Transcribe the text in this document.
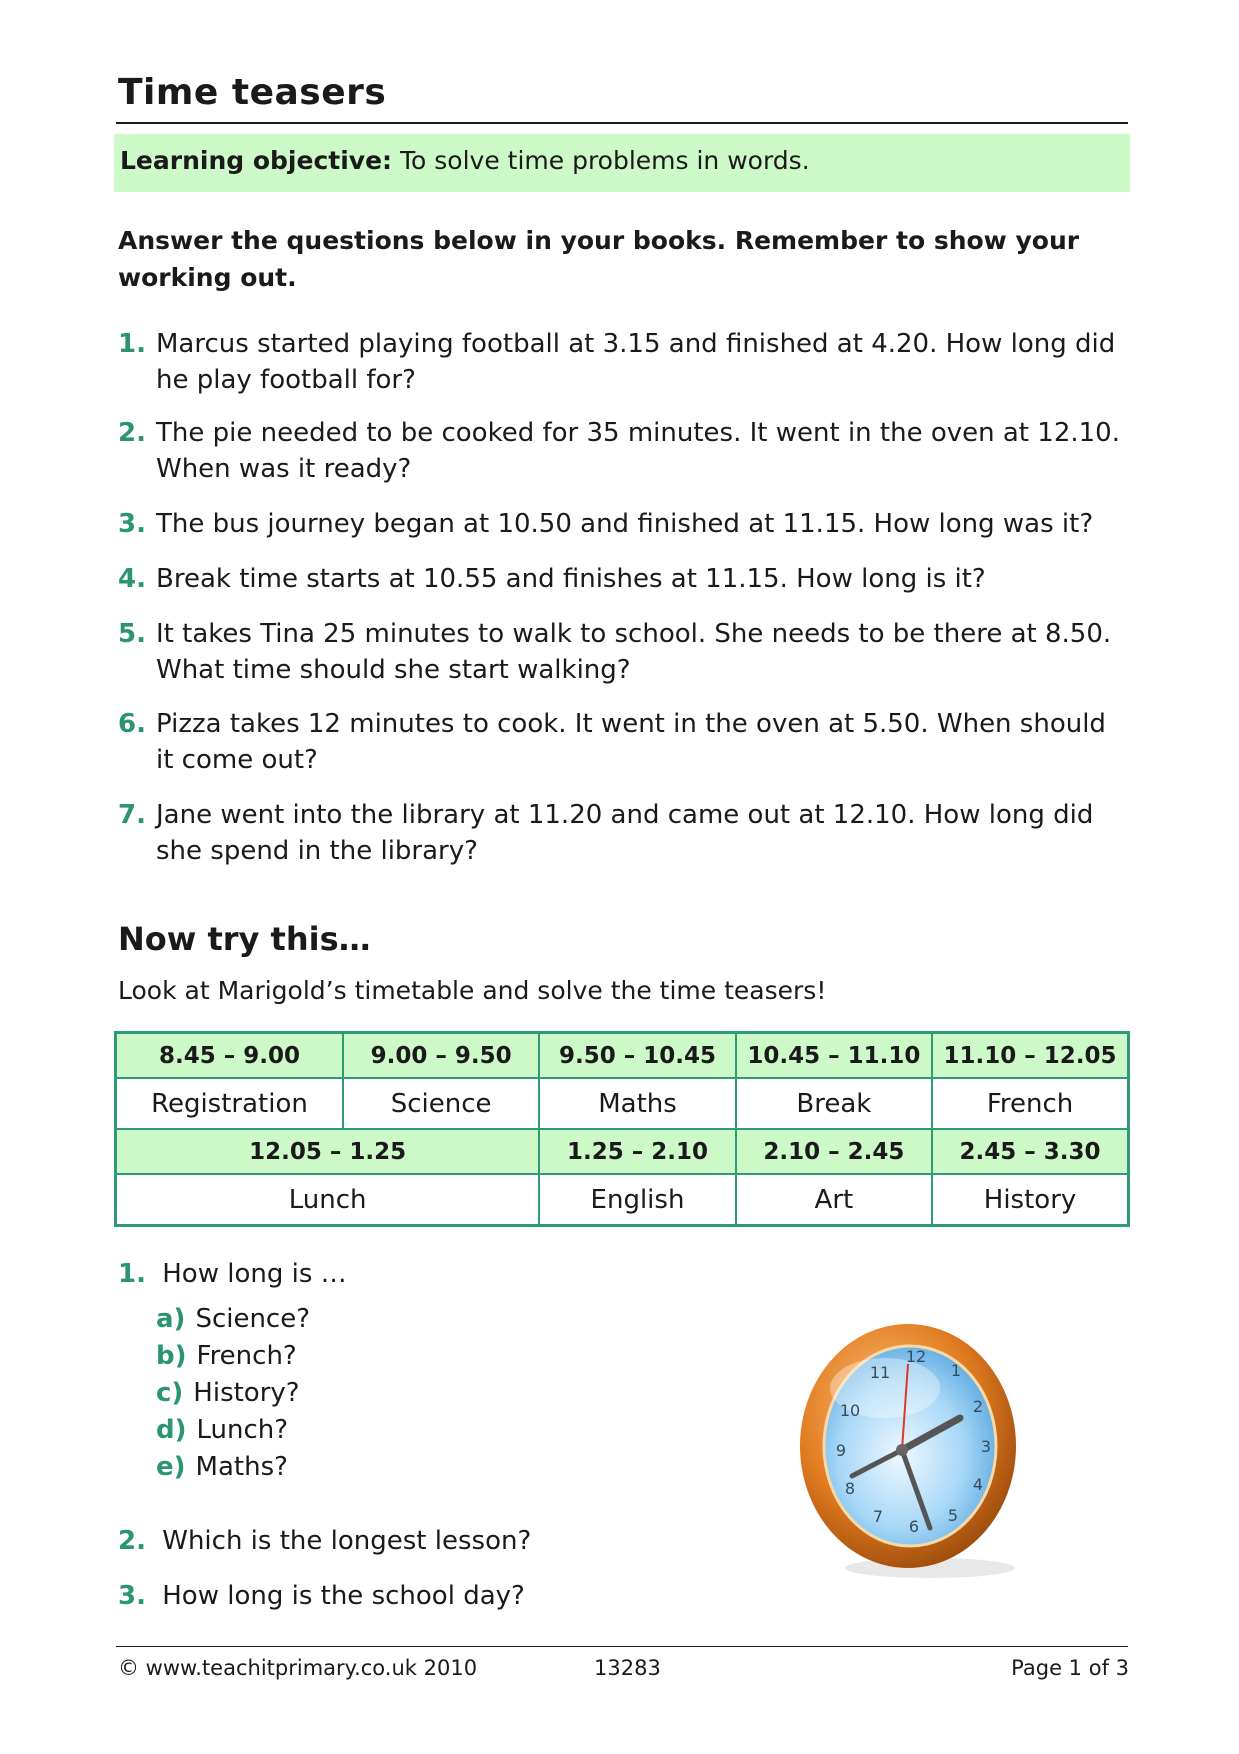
Time teasers
Learning objective: To solve time problems in words.

Answer the questions below in your books. Remember to show your working out.

1. Marcus started playing football at 3.15 and finished at 4.20. How long did he play football for?
2. The pie needed to be cooked for 35 minutes. It went in the oven at 12.10. When was it ready?
3. The bus journey began at 10.50 and finished at 11.15. How long was it?
4. Break time starts at 10.55 and finishes at 11.15. How long is it?
5. It takes Tina 25 minutes to walk to school. She needs to be there at 8.50. What time should she start walking?
6. Pizza takes 12 minutes to cook. It went in the oven at 5.50. When should it come out?
7. Jane went into the library at 11.20 and came out at 12.10. How long did she spend in the library?
Now try this…
Look at Marigold’s timetable and solve the time teasers!
8.45 – 9.00	9.00 – 9.50	9.50 – 10.45	10.45 – 11.10	11.10 – 12.05
Registration	Science	Maths	Break	French
12.05 – 1.25		1.25 – 2.10	2.10 – 2.45	2.45 – 3.30
Lunch		English	Art	History
1. How long is …
a) Science?
b) French?
c) History?
d) Lunch?
e) Maths?
2. Which is the longest lesson?
3. How long is the school day?
12
1
2
3
4
5
6
7
8
9
10
11
© www.teachitprimary.co.uk 2010	13283	Page 1 of 3
